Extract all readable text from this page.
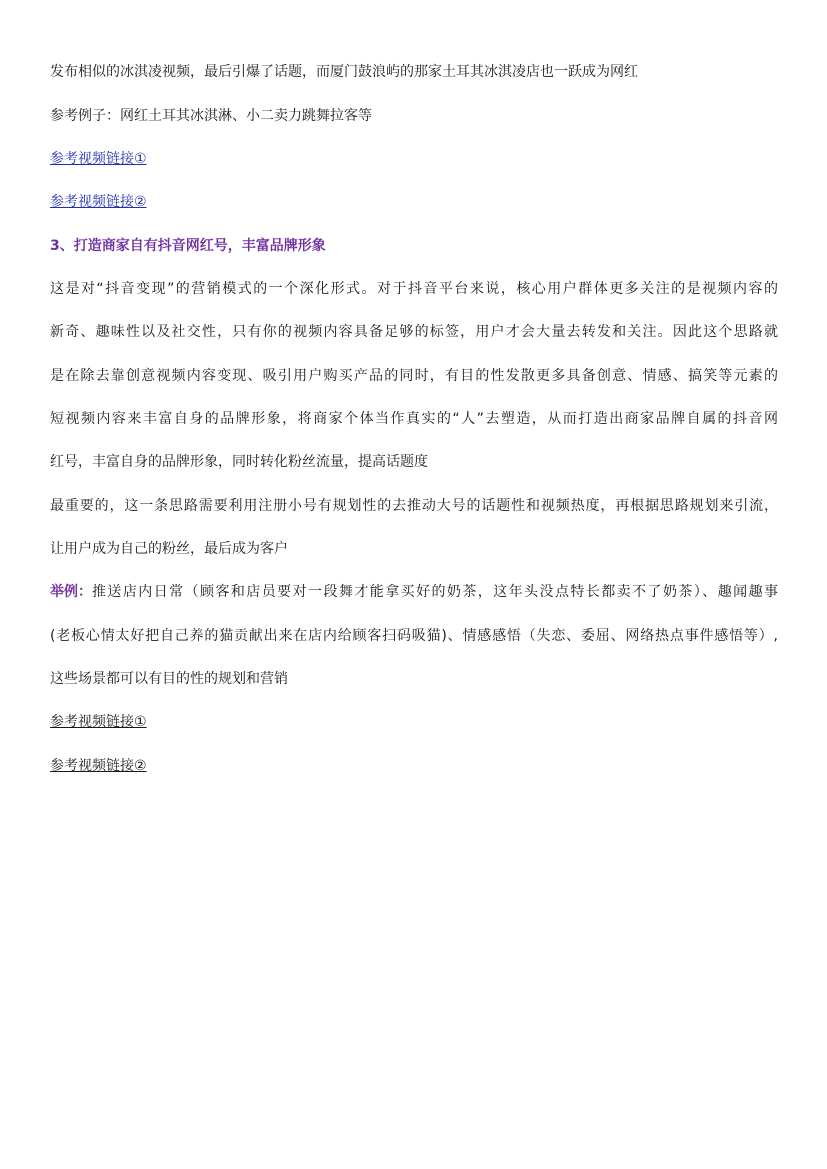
发布相似的冰淇凌视频，最后引爆了话题，而厦门鼓浪屿的那家土耳其冰淇凌店也一跃成为网红
参考例子：网红土耳其冰淇淋、小二卖力跳舞拉客等
参考视频链接①
参考视频链接②
3、打造商家自有抖音网红号，丰富品牌形象
这是对“抖音变现”的营销模式的一个深化形式。对于抖音平台来说，核心用户群体更多关注的是视频内容的
新奇、趣味性以及社交性，只有你的视频内容具备足够的标签，用户才会大量去转发和关注。因此这个思路就
是在除去靠创意视频内容变现、吸引用户购买产品的同时，有目的性发散更多具备创意、情感、搞笑等元素的
短视频内容来丰富自身的品牌形象，将商家个体当作真实的“人”去塑造，从而打造出商家品牌自属的抖音网
红号，丰富自身的品牌形象，同时转化粉丝流量，提高话题度
最重要的，这一条思路需要利用注册小号有规划性的去推动大号的话题性和视频热度，再根据思路规划来引流，
让用户成为自己的粉丝，最后成为客户
举例： 推送店内日常（顾客和店员要对一段舞才能拿买好的奶茶，这年头没点特长都卖不了奶茶）、趣闻趣事
(老板心情太好把自己养的猫贡献出来在店内给顾客扫码吸猫)、情感感悟（失恋、委屈、网络热点事件感悟等）,
这些场景都可以有目的性的规划和营销
参考视频链接①
参考视频链接②
